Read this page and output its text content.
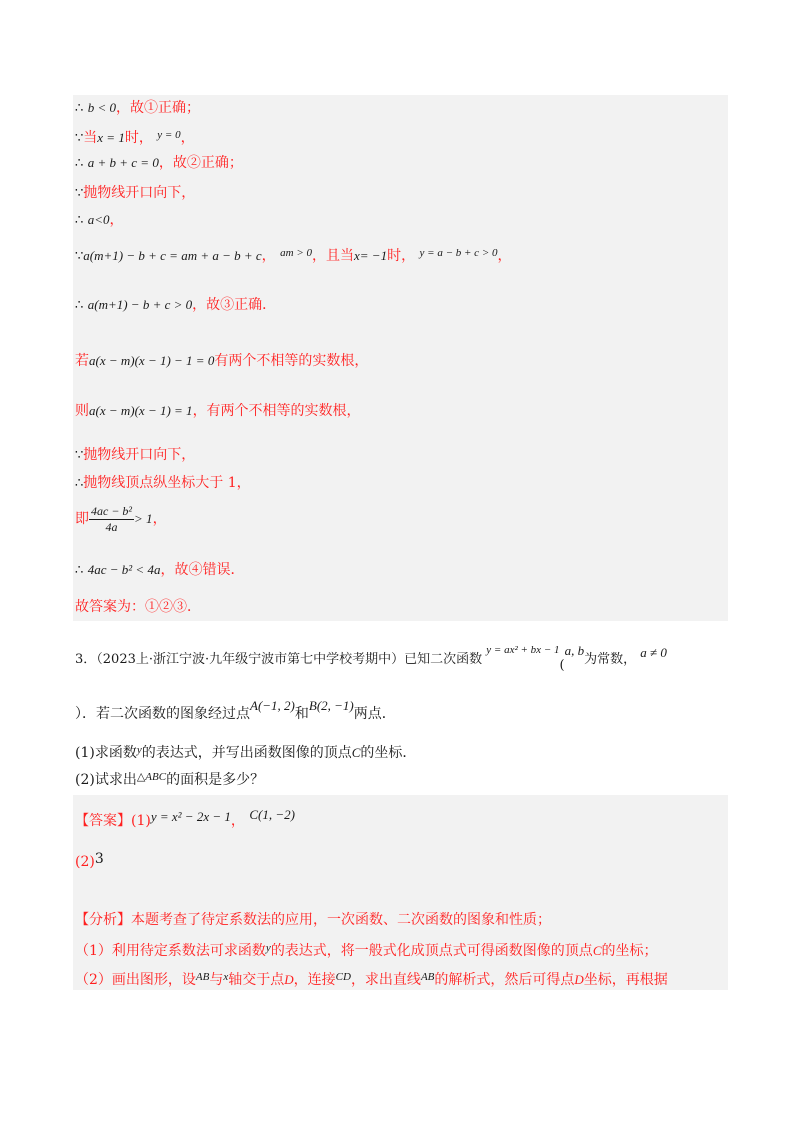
∴ b < 0，故①正确；
∵当x = 1时， $^{y = 0}$，
∴ a + b + c = 0，故②正确；
∵抛物线开口向下，
∴ a<0，
∵a(m+1) − b + c = am + a − b + c， $^{am > 0}$，且当x= −1时， $^{y = a - b + c > 0}$，
∴ a(m+1) − b + c > 0，故③正确．
若a(x − m)(x − 1) − 1 = 0有两个不相等的实数根，
则a(x − m)(x − 1) = 1，有两个不相等的实数根，
∵抛物线开口向下，
∴抛物线顶点纵坐标大于 1，
即 $\frac{\text{4ac − b²}}{4a} > 1$，
∴ 4ac − b² < 4a，故④错误．
故答案为：①②③．
3．（2023上·浙江宁波·九年级宁波市第七中学校考期中）已知二次函数 $^{y = ax^2 + bx - 1}$(a, b为常数， a ≠ 0
）．若二次函数的图象经过点A(−1, 2)和B(2, −1)两点．
(1)求函数$^y$的表达式，并写出函数图像的顶点C的坐标．
(2)试求出$^{\triangle ABC}$的面积是多少？
【答案】(1)y = x² − 2x − 1， C(1, −2)
(2)3
【分析】本题考查了待定系数法的应用，一次函数、二次函数的图象和性质；
（1）利用待定系数法可求函数$^y$的表达式，将一般式化成顶点式可得函数图像的顶点C的坐标；
（2）画出图形，设$^{AB}$与$^x$轴交于点D，连接$^{CD}$，求出直线$^{AB}$的解析式，然后可得点D坐标，再根据
